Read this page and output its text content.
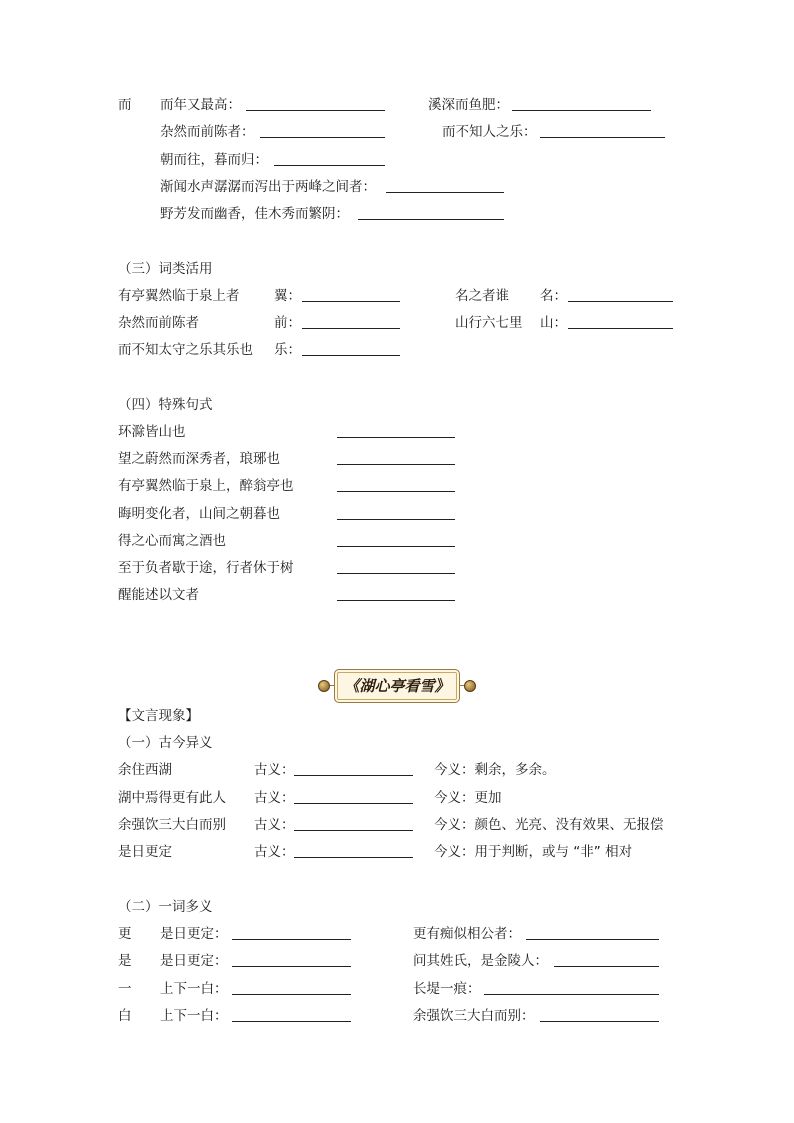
而 而年又最高：	溪深而鱼肥：
杂然而前陈者：	而不知人之乐：
朝而往，暮而归：
渐闻水声潺潺而泻出于两峰之间者：
野芳发而幽香，佳木秀而繁阴：
（三）词类活用
有亭翼然临于泉上者	翼：	名之者谁 名：
杂然而前陈者	前：	山行六七里 山：
而不知太守之乐其乐也 乐：
（四）特殊句式
环滁皆山也
望之蔚然而深秀者，琅琊也
有亭翼然临于泉上，醉翁亭也
晦明变化者，山间之朝暮也
得之心而寓之酒也
至于负者歇于途，行者休于树
醒能述以文者
《湖心亭看雪》
【文言现象】
（一）古今异义
余住西湖	古义：	今义：剩余，多余。
湖中焉得更有此人 古义：	今义：更加
余强饮三大白而别 古义：	今义：颜色、光亮、没有效果、无报偿
是日更定	古义：	今义：用于判断，或与 “非” 相对
（二）一词多义
更 是日更定：	更有痴似相公者：
是 是日更定：	问其姓氏，是金陵人：
一 上下一白：	长堤一痕：
白 上下一白：	余强饮三大白而别：
